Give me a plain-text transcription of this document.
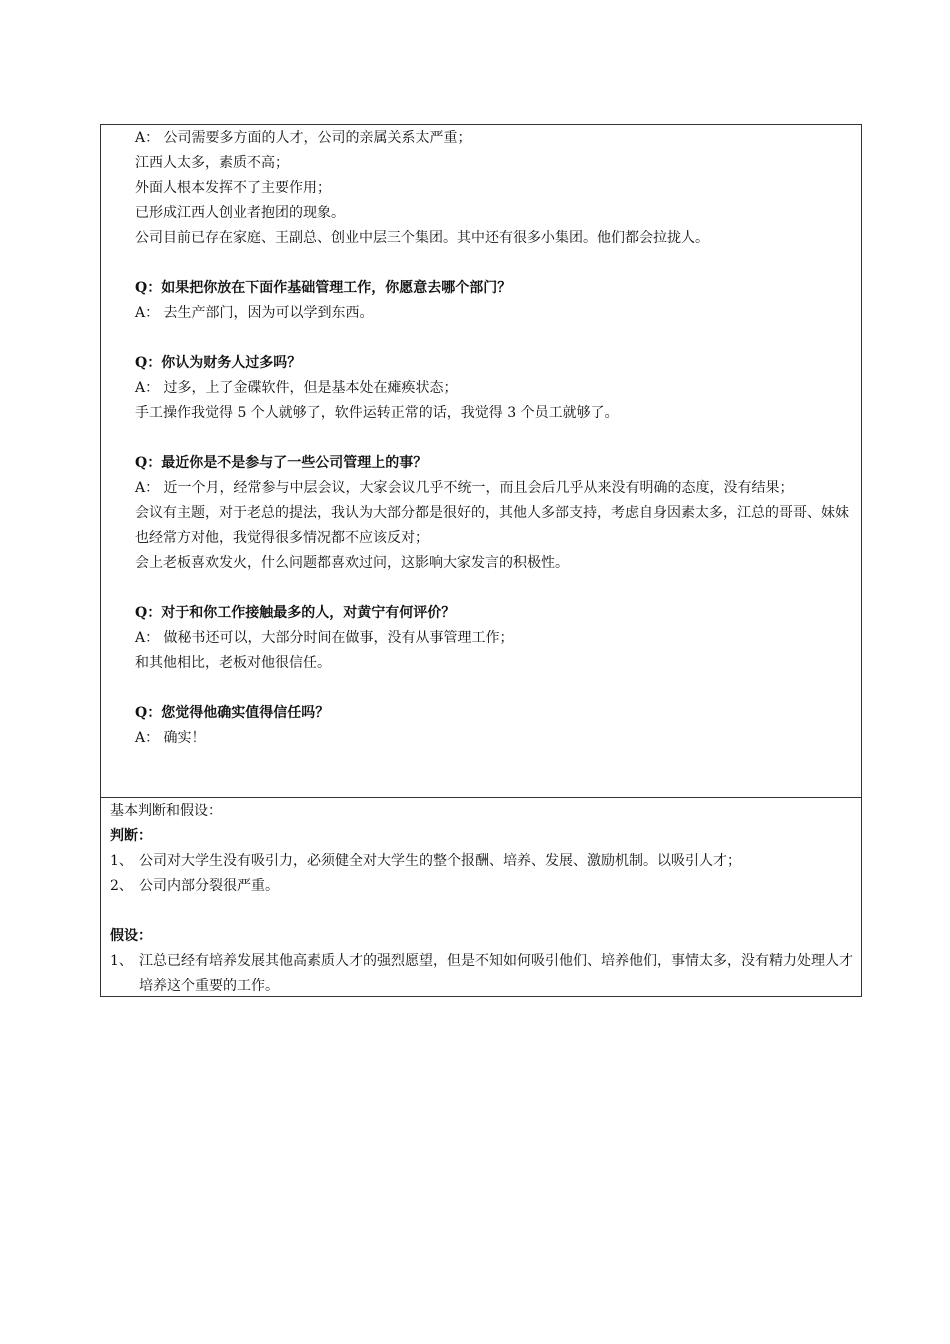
A： 公司需要多方面的人才，公司的亲属关系太严重；
江西人太多，素质不高；
外面人根本发挥不了主要作用；
已形成江西人创业者抱团的现象。
公司目前已存在家庭、王副总、创业中层三个集团。其中还有很多小集团。他们都会拉拢人。
Q：如果把你放在下面作基础管理工作，你愿意去哪个部门？
A： 去生产部门，因为可以学到东西。
Q：你认为财务人过多吗？
A： 过多，上了金碟软件，但是基本处在瘫痪状态；
手工操作我觉得 5 个人就够了，软件运转正常的话，我觉得 3 个员工就够了。
Q：最近你是不是参与了一些公司管理上的事？
A： 近一个月，经常参与中层会议，大家会议几乎不统一，而且会后几乎从来没有明确的态度，没有结果；
会议有主题，对于老总的提法，我认为大部分都是很好的，其他人多部支持，考虑自身因素太多，江总的哥哥、妹妹也经常方对他，我觉得很多情况都不应该反对；
会上老板喜欢发火，什么问题都喜欢过问，这影响大家发言的积极性。
Q：对于和你工作接触最多的人，对黄宁有何评价？
A： 做秘书还可以，大部分时间在做事，没有从事管理工作；
和其他相比，老板对他很信任。
Q：您觉得他确实值得信任吗？
A： 确实！
基本判断和假设：
判断：
1、 公司对大学生没有吸引力，必须健全对大学生的整个报酬、培养、发展、激励机制。以吸引人才；
2、 公司内部分裂很严重。
假设：
1、 江总已经有培养发展其他高素质人才的强烈愿望，但是不知如何吸引他们、培养他们，事情太多，没有精力处理人才培养这个重要的工作。
